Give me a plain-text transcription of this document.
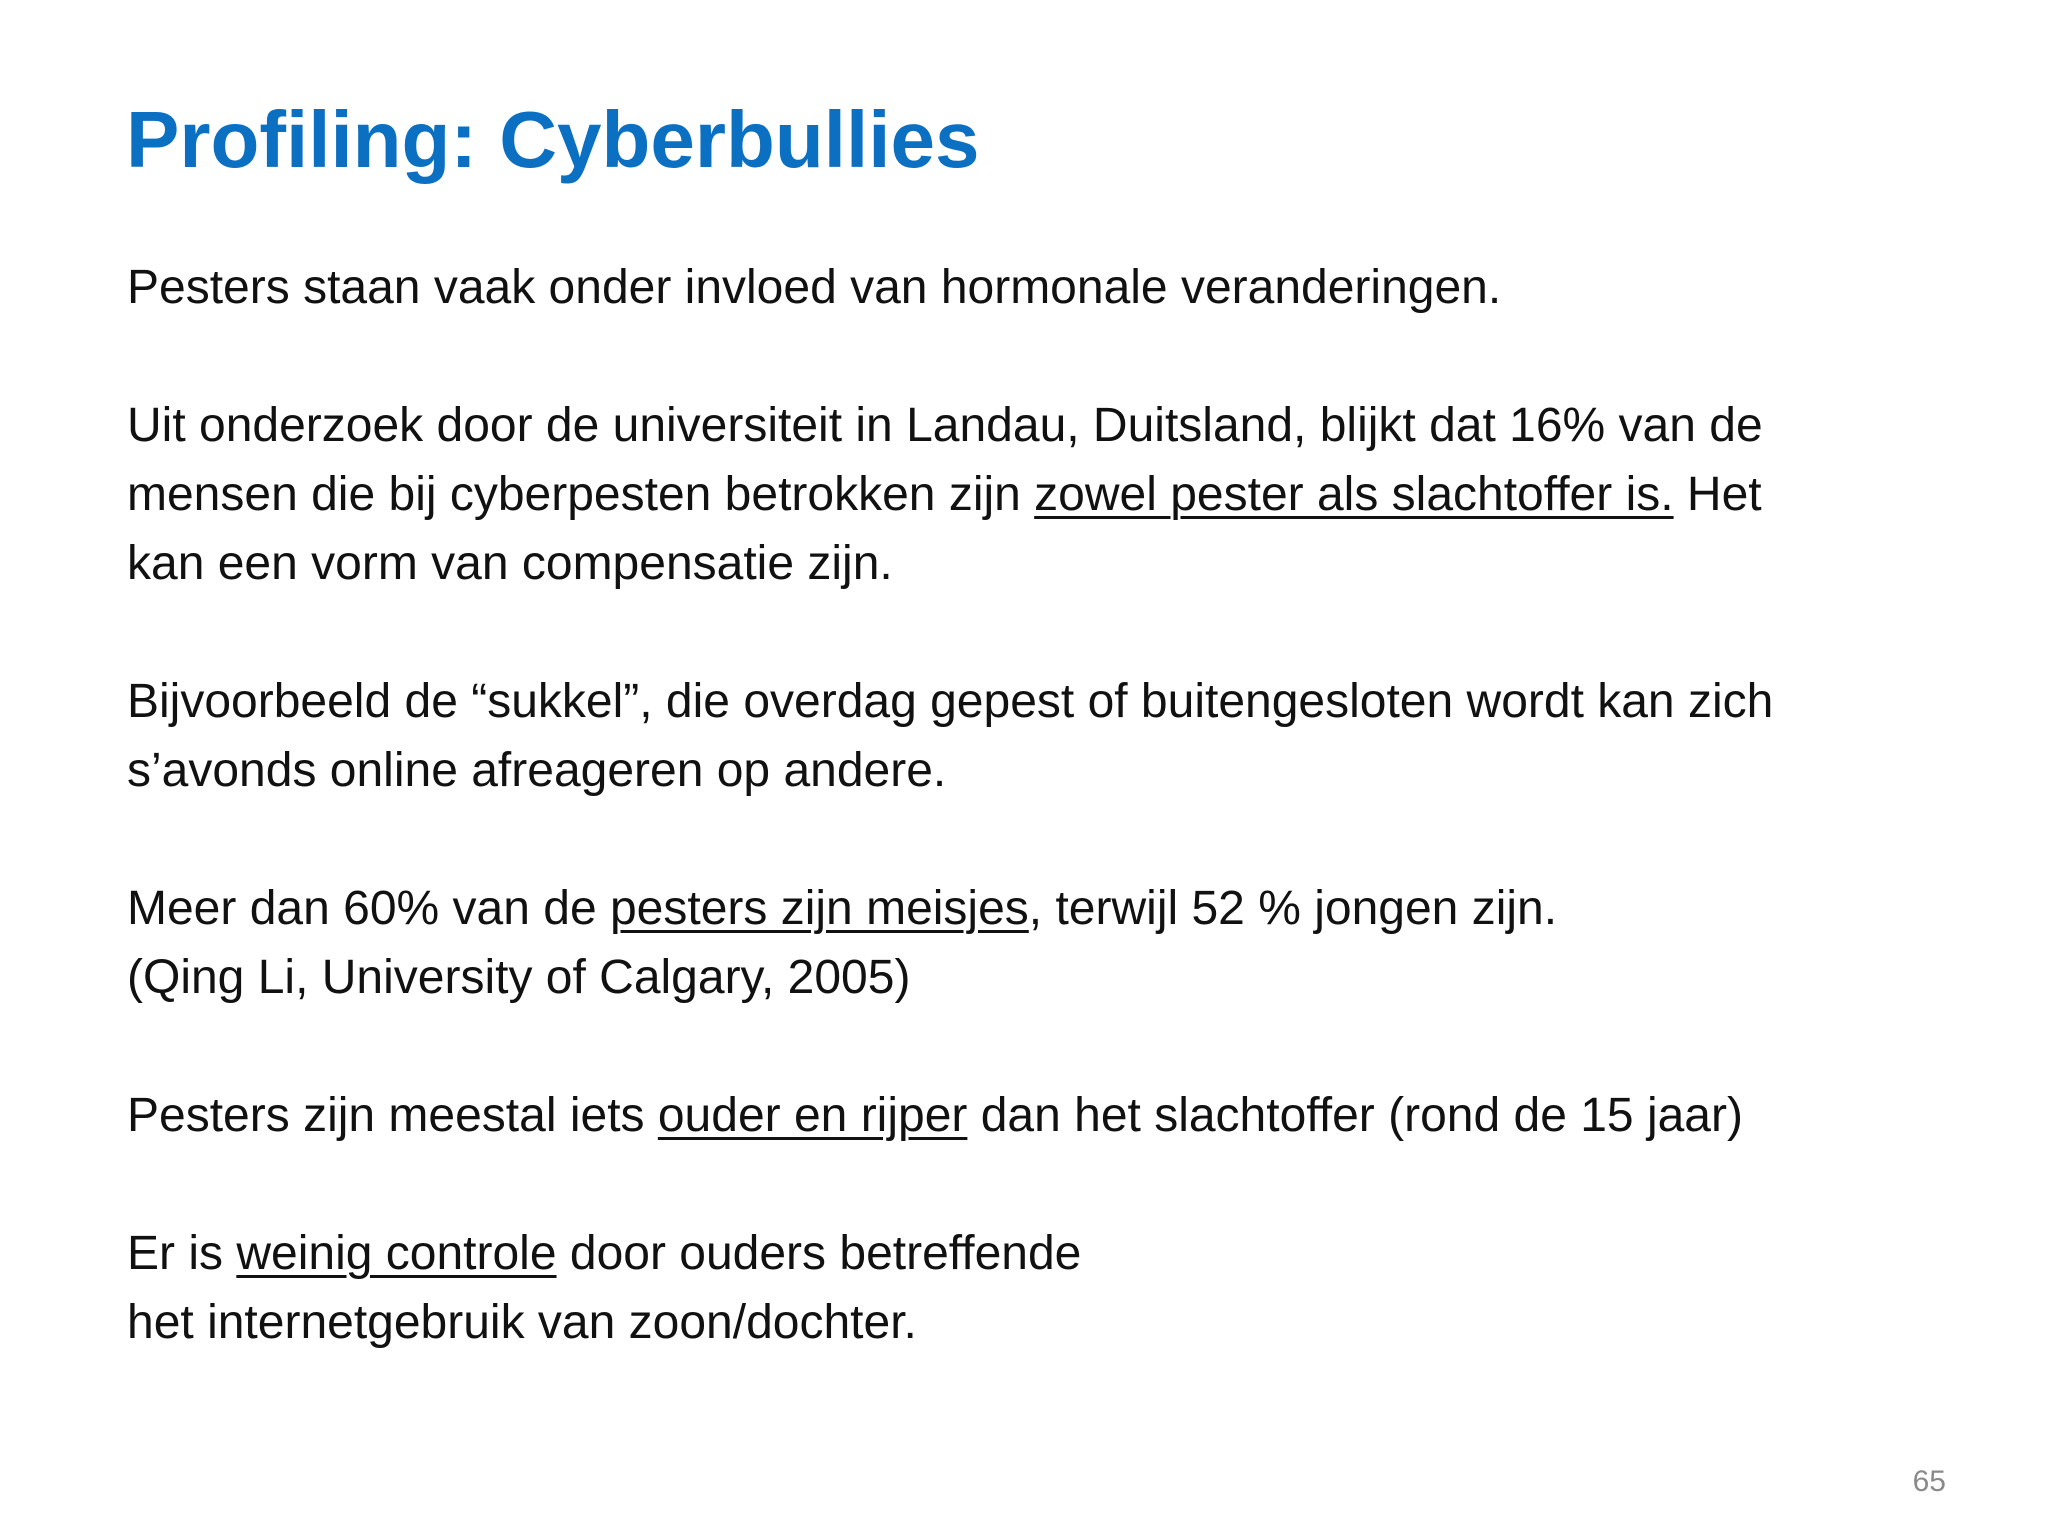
Profiling: Cyberbullies

Pesters staan vaak onder invloed van hormonale veranderingen.

Uit onderzoek door de universiteit in Landau, Duitsland, blijkt dat 16% van de
mensen die bij cyberpesten betrokken zijn zowel pester als slachtoffer is. Het
kan een vorm van compensatie zijn.

Bijvoorbeeld de “sukkel”, die overdag gepest of buitengesloten wordt kan zich
s’avonds online afreageren op andere.

Meer dan 60% van de pesters zijn meisjes, terwijl 52 % jongen zijn.
(Qing Li, University of Calgary, 2005)

Pesters zijn meestal iets ouder en rijper dan het slachtoffer (rond de 15 jaar)

Er is weinig controle door ouders betreffende
het internetgebruik van zoon/dochter.

65
